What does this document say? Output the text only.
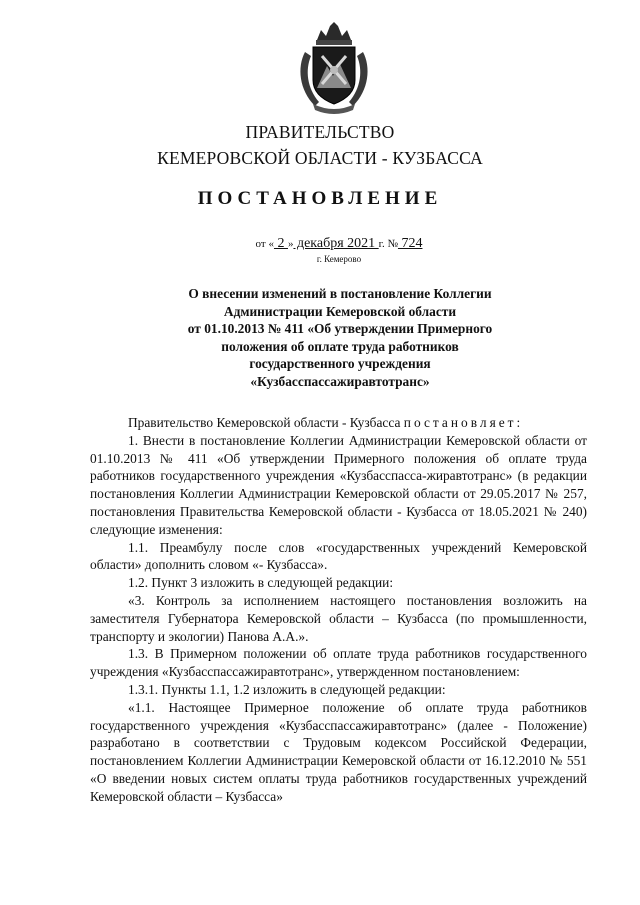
ПРАВИТЕЛЬСТВО
КЕМЕРОВСКОЙ ОБЛАСТИ - КУЗБАССА
ПОСТАНОВЛЕНИЕ
от « 2 » декабря 2021 г. № 724
г. Кемерово
О внесении изменений в постановление Коллегии
Администрации Кемеровской области
от 01.10.2013 № 411 «Об утверждении Примерного
положения об оплате труда работников
государственного учреждения
«Кузбасспассажиравтотранс»

Правительство Кемеровской области - Кузбасса постановляет:

1. Внести в постановление Коллегии Администрации Кемеровской области от 01.10.2013 № 411 «Об утверждении Примерного положения об оплате труда работников государственного учреждения «Кузбасспасса-жиравтотранс» (в редакции постановления Коллегии Администрации Кемеровской области от 29.05.2017 № 257, постановления Правительства Кемеровской области - Кузбасса от 18.05.2021 № 240) следующие изменения:

1.1. Преамбулу после слов «государственных учреждений Кемеровской области» дополнить словом «- Кузбасса».

1.2. Пункт 3 изложить в следующей редакции:

«3. Контроль за исполнением настоящего постановления возложить на заместителя Губернатора Кемеровской области – Кузбасса (по промышленности, транспорту и экологии) Панова А.А.».

1.3. В Примерном положении об оплате труда работников государственного учреждения «Кузбасспассажиравтотранс», утвержденном постановлением:

1.3.1. Пункты 1.1, 1.2 изложить в следующей редакции:

«1.1. Настоящее Примерное положение об оплате труда работников государственного учреждения «Кузбасспассажиравтотранс» (далее - Положение) разработано в соответствии с Трудовым кодексом Российской Федерации, постановлением Коллегии Администрации Кемеровской области от 16.12.2010 № 551 «О введении новых систем оплаты труда работников государственных учреждений Кемеровской области – Кузбасса»
